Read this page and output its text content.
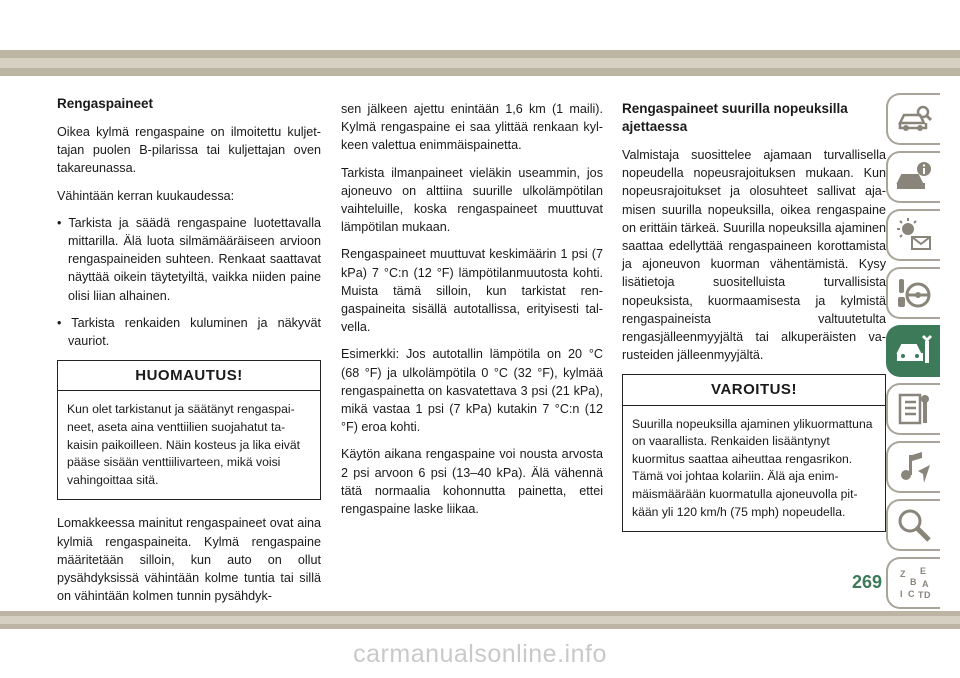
Rengaspaineet

Oikea kylmä rengaspaine on ilmoitettu kuljettajan puolen B-pilarissa tai kuljettajan oven takareunassa.

Vähintään kerran kuukaudessa:

• Tarkista ja säädä rengaspaine luotettavalla mittarilla. Älä luota silmämääräiseen arvioon rengaspaineiden suhteen. Renkaat saattavat näyttää oikein täytetyiltä, vaikka niiden paine olisi liian alhainen.
• Tarkista renkaiden kuluminen ja näkyvät vauriot.
HUOMAUTUS!
Kun olet tarkistanut ja säätänyt rengaspaineet, aseta aina venttiilien suojahatut takaisin paikoilleen. Näin kosteus ja lika eivät pääse sisään venttiilivarteen, mikä voisi vahingoittaa sitä.

Lomakkeessa mainitut rengaspaineet ovat aina kylmiä rengaspaineita. Kylmä rengaspaine määritetään silloin, kun auto on ollut pysähdyksissä vähintään kolme tuntia tai sillä on vähintään kolmen tunnin pysähdyk-

sen jälkeen ajettu enintään 1,6 km (1 maili). Kylmä rengaspaine ei saa ylittää renkaan kylkeen valettua enimmäispainetta.

Tarkista ilmanpaineet vieläkin useammin, jos ajoneuvo on alttiina suurille ulkolämpötilan vaihteluille, koska rengaspaineet muuttuvat lämpötilan mukaan.

Rengaspaineet muuttuvat keskimäärin 1 psi (7 kPa) 7 °C:n (12 °F) lämpötilanmuutosta kohti. Muista tämä silloin, kun tarkistat rengaspaineita sisällä autotallissa, erityisesti talvella.

Esimerkki: Jos autotallin lämpötila on 20 °C (68 °F) ja ulkolämpötila 0 °C (32 °F), kylmää rengaspainetta on kasvatettava 3 psi (21 kPa), mikä vastaa 1 psi (7 kPa) kutakin 7 °C:n (12 °F) eroa kohti.

Käytön aikana rengaspaine voi nousta arvosta 2 psi arvoon 6 psi (13–40 kPa). Älä vähennä tätä normaalia kohonnutta painetta, ettei rengaspaine laske liikaa.

Rengaspaineet suurilla nopeuksilla ajettaessa

Valmistaja suosittelee ajamaan turvallisella nopeudella nopeusrajoituksen mukaan. Kun nopeusrajoitukset ja olosuhteet sallivat ajamisen suurilla nopeuksilla, oikea rengaspaine on erittäin tärkeä. Suurilla nopeuksilla ajaminen saattaa edellyttää rengaspaineen korottamista ja ajoneuvon kuorman vähentämistä. Kysy lisätietoja suositelluista turvallisista nopeuksista, kuormaamisesta ja kylmistä rengaspaineista valtuutetulta rengasjälleenmyyjältä tai alkuperäisten varusteiden jälleenmyyjältä.

VAROITUS!
Suurilla nopeuksilla ajaminen ylikuormattuna on vaarallista. Renkaiden lisääntynyt kuormitus saattaa aiheuttaa rengasrikon. Tämä voi johtaa kolariin. Älä aja enimmäismäärään kuormatulla ajoneuvolla pitkään yli 120 km/h (75 mph) nopeudella.
Z E
B A
I C T D
269
carmanualsonline.info
